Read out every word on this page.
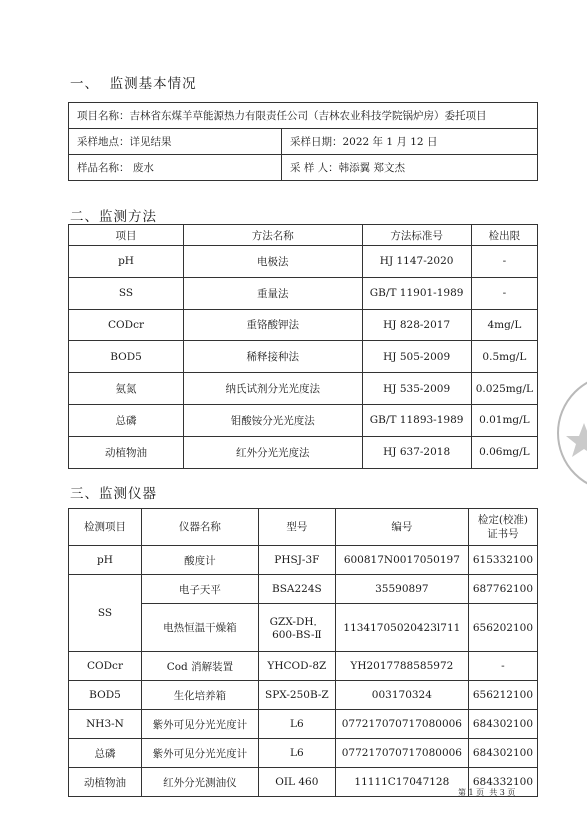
一、  监测基本情况
项目名称：吉林省东煤羊草能源热力有限责任公司（吉林农业科技学院锅炉房）委托项目	
采样地点：详见结果	采样日期：2022 年 1 月 12 日
样品名称： 废水	采 样 人：韩添翼 郑文杰
二、监测方法
项目	方法名称	方法标准号	检出限
pH	电极法	HJ 1147-2020	-
SS	重量法	GB/T 11901-1989	-
CODcr	重铬酸钾法	HJ 828-2017	4mg/L
BOD5	稀释接种法	HJ 505-2009	0.5mg/L
氨氮	纳氏试剂分光光度法	HJ 535-2009	0.025mg/L
总磷	钼酸铵分光光度法	GB/T 11893-1989	0.01mg/L
动植物油	红外分光光度法	HJ 637-2018	0.06mg/L
三、监测仪器
检测项目	仪器名称	型号	编号	检定(校准)
证书号
pH	酸度计	PHSJ-3F	600817N0017050197	615332100
SS	电子天平	BSA224S	35590897	687762100
	电热恒温干燥箱	GZX-DH．600-BS-Ⅱ	11341705020423l711	656202100
CODcr	Cod 消解装置	YHCOD-8Z	YH2017788585972	-
BOD5	生化培养箱	SPX-250B-Z	003170324	656212100
NH3-N	紫外可见分光光度计	L6	077217070717080006	684302100
总磷	紫外可见分光光度计	L6	077217070717080006	684302100
动植物油	红外分光测油仪	OIL 460	11111C17047128	684332100
第 1 页  共 3 页
